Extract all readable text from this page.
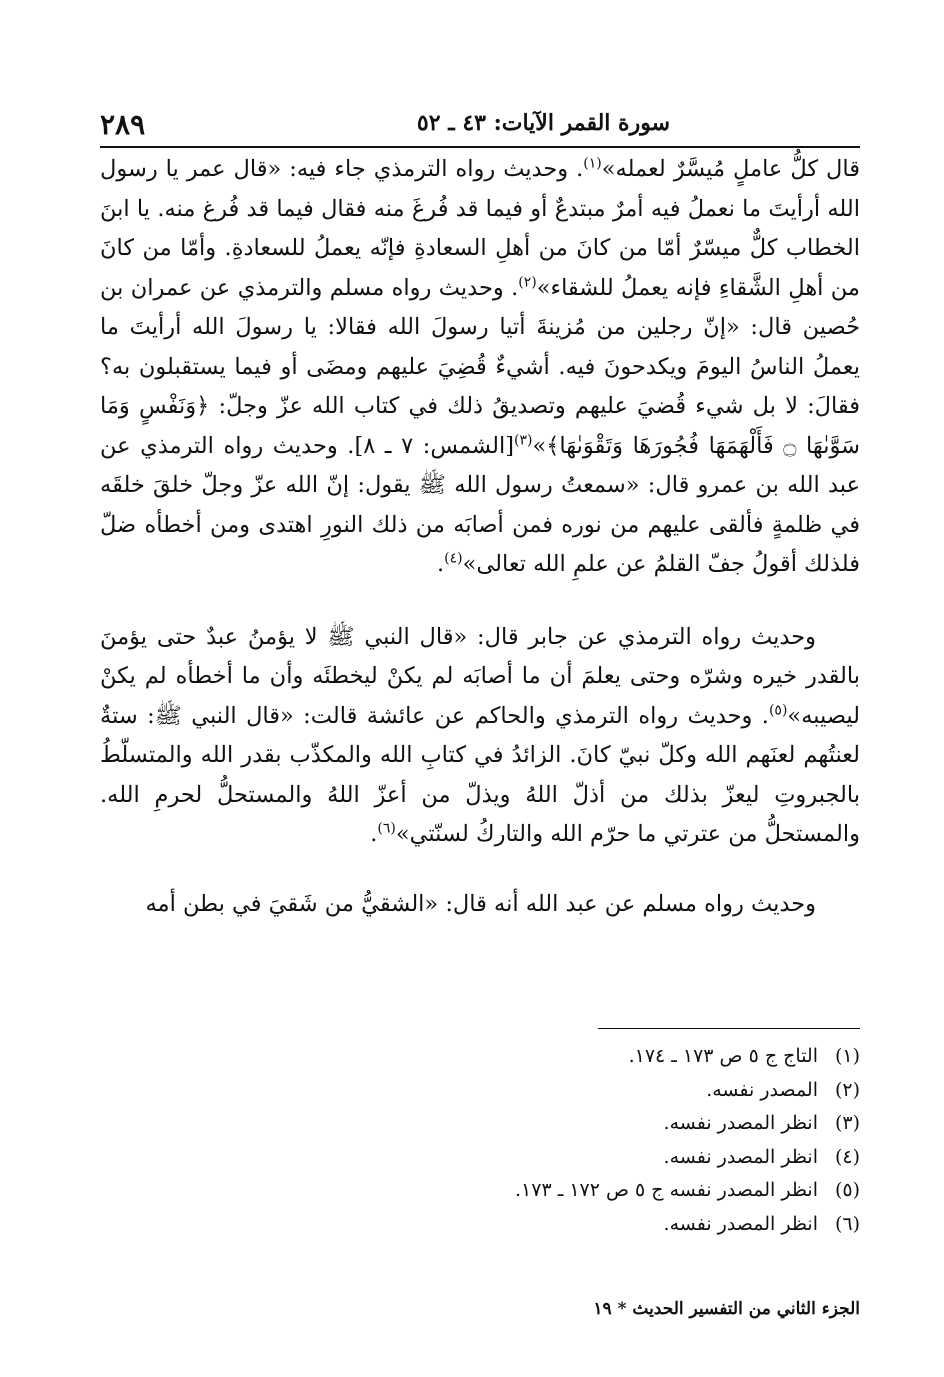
سورة القمر الآيات: ٤٣ ـ ٥٢
٢٨٩

قال كلُّ عاملٍ مُيسَّرٌ لعمله»$^{(١)}$. وحديث رواه الترمذي جاء فيه: «قال عمر يا رسول الله أرأيتَ ما نعملُ فيه أمرٌ مبتدعٌ أو فيما قد فُرغَ منه فقال فيما قد فُرغ منه. يا ابنَ الخطاب كلٌّ ميسّرٌ أمّا من كانَ من أهلِ السعادةِ فإنّه يعملُ للسعادةِ. وأمّا من كانَ من أهلِ الشَّقاءِ فإنه يعملُ للشقاء»$^{(٢)}$. وحديث رواه مسلم والترمذي عن عمران بن حُصين قال: «إنّ رجلين من مُزينةَ أتيا رسولَ الله فقالا: يا رسولَ الله أرأيتَ ما يعملُ الناسُ اليومَ ويكدحونَ فيه. أشيءٌ قُضِيَ عليهم ومضَى أو فيما يستقبلون به؟ فقالَ: لا بل شيء قُضيَ عليهم وتصديقُ ذلك في كتاب الله عزّ وجلّ: ﴿وَنَفْسٍ وَمَا سَوَّىٰهَا ۝ فَأَلْهَمَهَا فُجُورَهَا وَتَقْوَىٰهَا﴾»$^{(٣)}$[الشمس: ٧ ـ ٨]. وحديث رواه الترمذي عن عبد الله بن عمرو قال: «سمعتُ رسول الله ﷺ يقول: إنّ الله عزّ وجلّ خلقَ خلقَه في ظلمةٍ فألقى عليهم من نوره فمن أصابَه من ذلك النورِ اهتدى ومن أخطأه ضلّ فلذلك أقولُ جفّ القلمُ عن علمِ الله تعالى»$^{(٤)}$.

وحديث رواه الترمذي عن جابر قال: «قال النبي ﷺ لا يؤمنُ عبدٌ حتى يؤمنَ بالقدر خيره وشرّه وحتى يعلمَ أن ما أصابَه لم يكنْ ليخطئَه وأن ما أخطأه لم يكنْ ليصيبه»$^{(٥)}$. وحديث رواه الترمذي والحاكم عن عائشة قالت: «قال النبي ﷺ: ستةٌ لعنتُهم لعنَهم الله وكلّ نبيّ كانَ. الزائدُ في كتابِ الله والمكذّب بقدر الله والمتسلّطُ بالجبروتِ ليعزّ بذلك من أذلّ اللهُ ويذلّ من أعزّ اللهُ والمستحلُّ لحرمِ الله. والمستحلُّ من عترتي ما حرّم الله والتاركُ لسنّتي»$^{(٦)}$.

وحديث رواه مسلم عن عبد الله أنه قال: «الشقيُّ من شَقيَ في بطن أمه

(١)التاج ج ٥ ص ١٧٣ ـ ١٧٤.
(٢)المصدر نفسه.
(٣)انظر المصدر نفسه.
(٤)انظر المصدر نفسه.
(٥)انظر المصدر نفسه ج ٥ ص ١٧٢ ـ ١٧٣.
(٦)انظر المصدر نفسه.
الجزء الثاني من التفسير الحديث * ١٩
